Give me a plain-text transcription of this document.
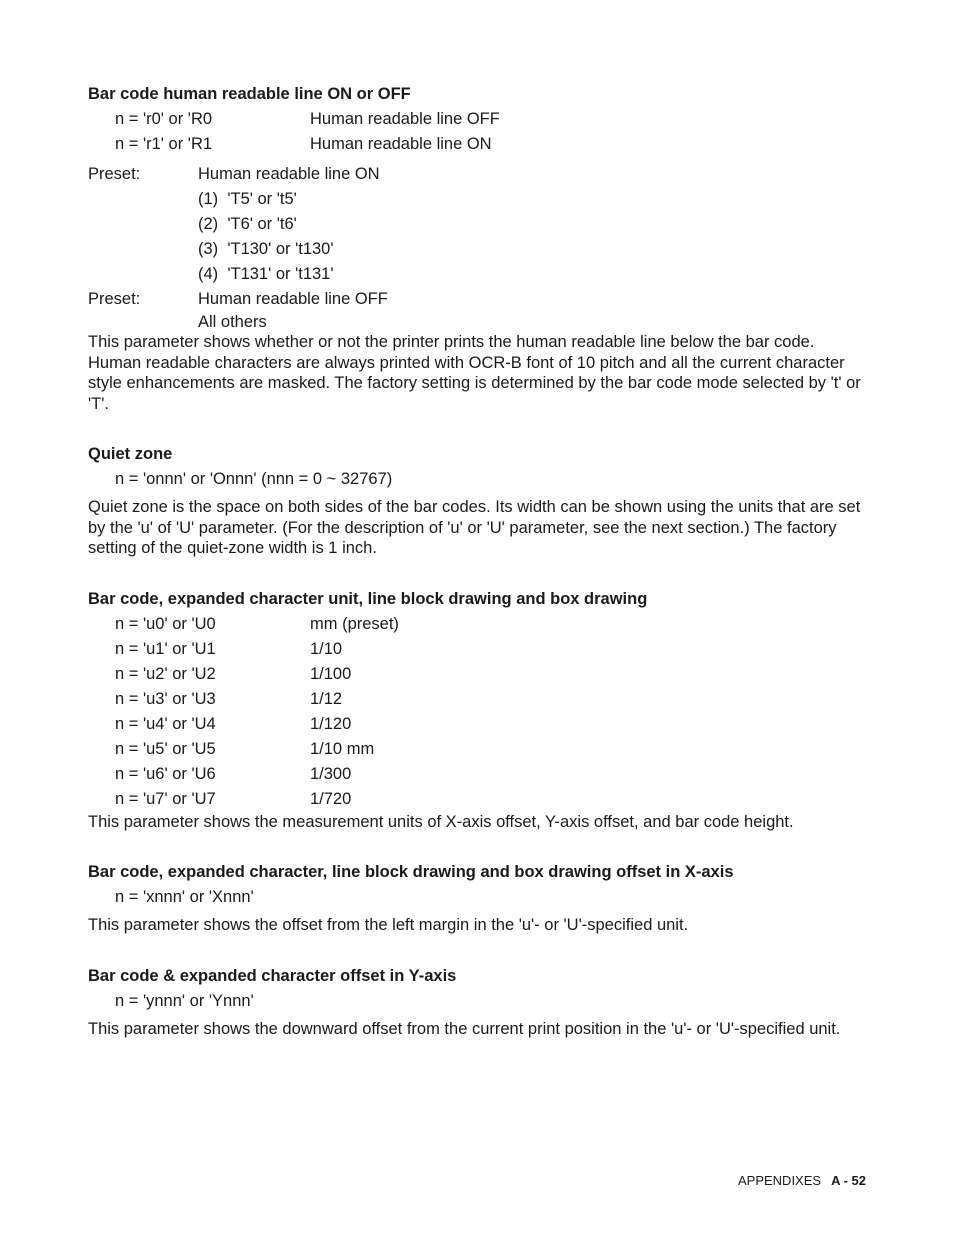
Bar code human readable line ON or OFF

n = 'r0' or 'R0	Human readable line OFF
n = 'r1' or 'R1	Human readable line ON
Preset:	Human readable line ON
(1)  'T5' or 't5'
(2)  'T6' or 't6'
(3)  'T130' or 't130'
(4)  'T131' or 't131'
Preset:	Human readable line OFF
All others

This parameter shows whether or not the printer prints the human readable line below the bar code. Human readable characters are always printed with OCR-B font of 10 pitch and all the current character style enhancements are masked. The factory setting is determined by the bar code mode selected by 't' or 'T'.

Quiet zone

n = 'onnn' or 'Onnn' (nnn = 0 ~ 32767)

Quiet zone is the space on both sides of the bar codes. Its width can be shown using the units that are set by the 'u' of 'U' parameter. (For the description of 'u' or 'U' parameter, see the next section.) The factory setting of the quiet-zone width is 1 inch.

Bar code, expanded character unit, line block drawing and box drawing

n = 'u0' or 'U0	mm (preset)
n = 'u1' or 'U1	1/10
n = 'u2' or 'U2	1/100
n = 'u3' or 'U3	1/12
n = 'u4' or 'U4	1/120
n = 'u5' or 'U5	1/10 mm
n = 'u6' or 'U6	1/300
n = 'u7' or 'U7	1/720

This parameter shows the measurement units of X-axis offset, Y-axis offset, and bar code height.

Bar code, expanded character, line block drawing and box drawing offset in X-axis

n = 'xnnn' or 'Xnnn'

This parameter shows the offset from the left margin in the 'u'- or 'U'-specified unit.

Bar code & expanded character offset in Y-axis

n = 'ynnn' or 'Ynnn'

This parameter shows the downward offset from the current print position in the 'u'- or 'U'-specified unit.

APPENDIXES A - 52
